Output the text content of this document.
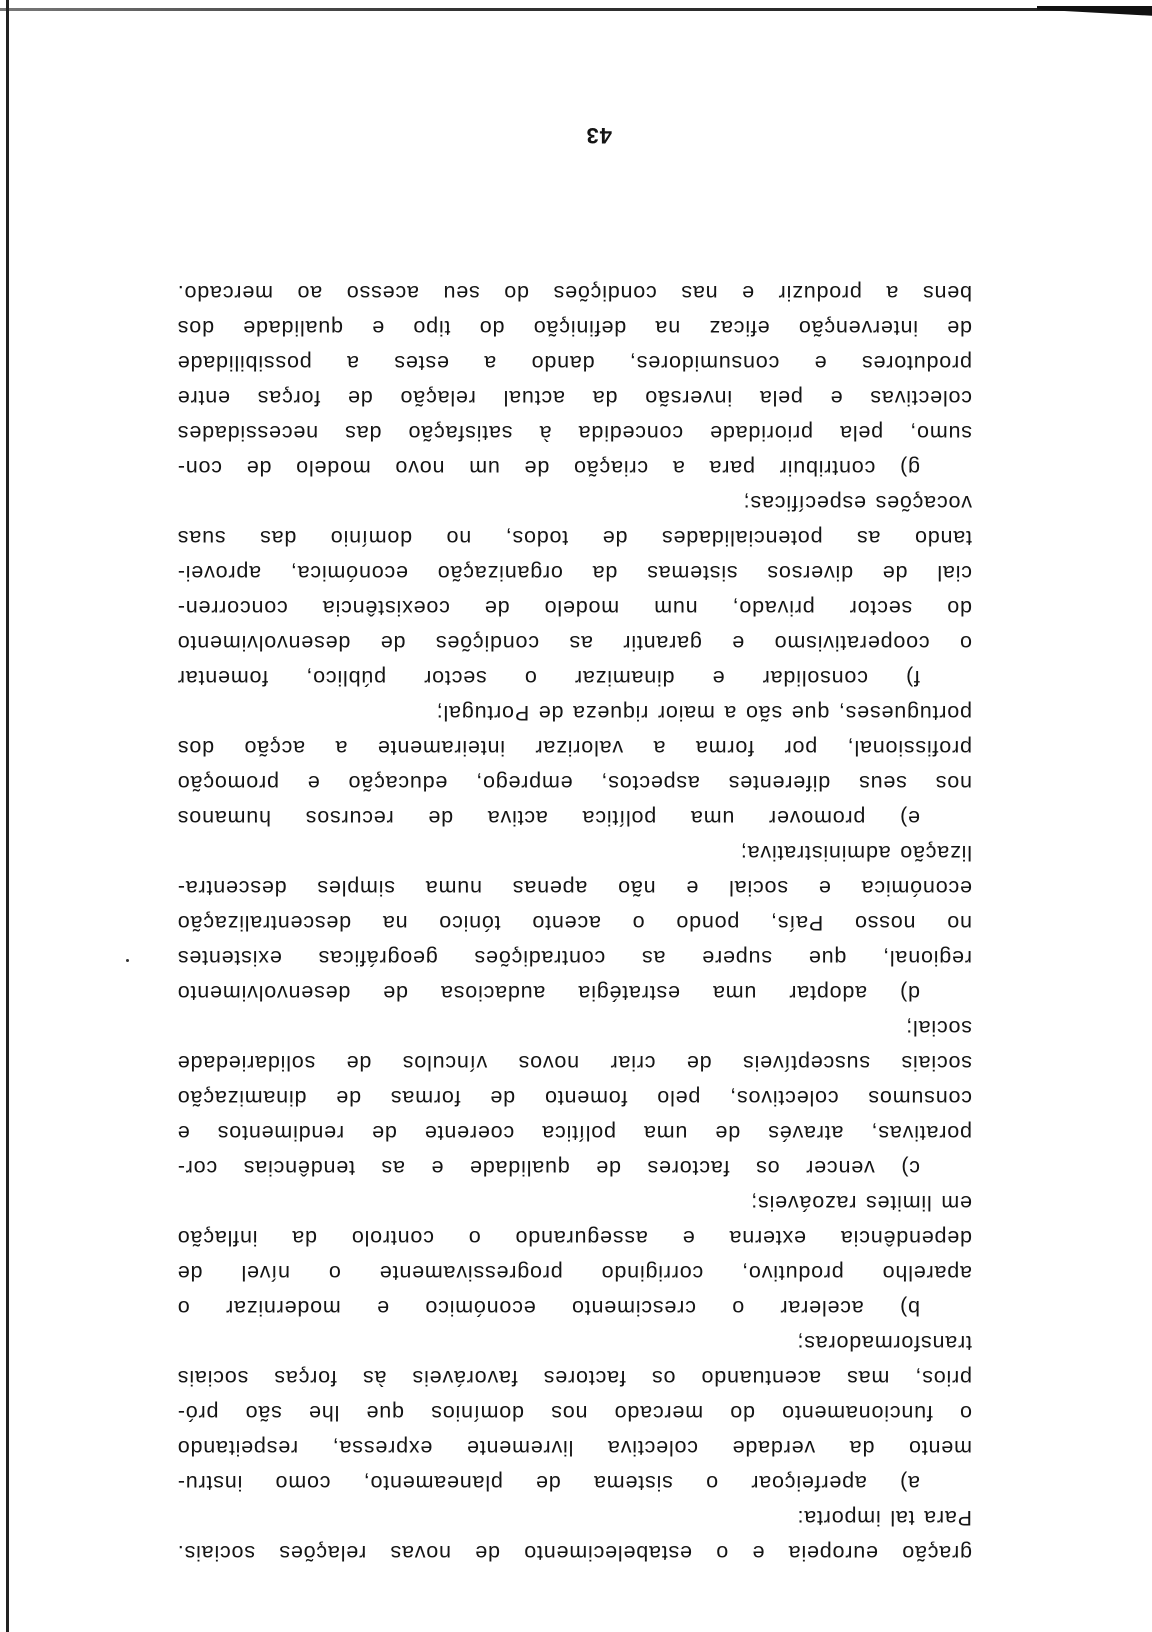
gração europeia e o estabelecimento de novas relações sociais.
Para tal importa:
a) aperfeiçoar o sistema de planeamento, como instru-
mento da verdade colectiva livremente expressa, respeitando
o funcionamento do mercado nos domínios que lhe são pró-
prios, mas acentuando os factores favoráveis às forças sociais
transformadoras;
b) acelerar o crescimento económico e modernizar o
aparelho produtivo, corrigindo progressivamente o nível de
dependência externa e assegurando o controlo da inflação
em limites razoáveis;
c) vencer os factores de qualidade e as tendências cor-
porativas, através de uma política coerente de rendimentos e
consumos colectivos, pelo fomento de formas de dinamização
sociais susceptíveis de criar novos vínculos de solidariedade
social;
d) adoptar uma estratégia audaciosa de desenvolvimento
regional, que supere as contradições geográficas existentes
no nosso País, pondo o acento tónico na descentralização
económica e social e não apenas numa simples descentra-
lização administrativa;
e) promover uma política activa de recursos humanos
nos seus diferentes aspectos, emprego, educação e promoção
profissional, por forma a valorizar inteiramente a acção dos
portugueses, que são a maior riqueza de Portugal;
f) consolidar e dinamizar o sector público, fomentar
o cooperativismo e garantir as condições de desenvolvimento
do sector privado, num modelo de coexistência concorren-
cial de diversos sistemas da organização económica, aprovei-
tando as potencialidades de todos, no domínio das suas
vocações específicas;
g) contribuir para a criação de um novo modelo de con-
sumo, pela prioridade concedida à satisfação das necessidades
colectivas e pela inversão da actual relação de forças entre
produtores e consumidores, dando a estes a possibilidade
de intervenção eficaz na definição do tipo e qualidade dos
bens a produzir e nas condições do seu acesso ao mercado.
43
